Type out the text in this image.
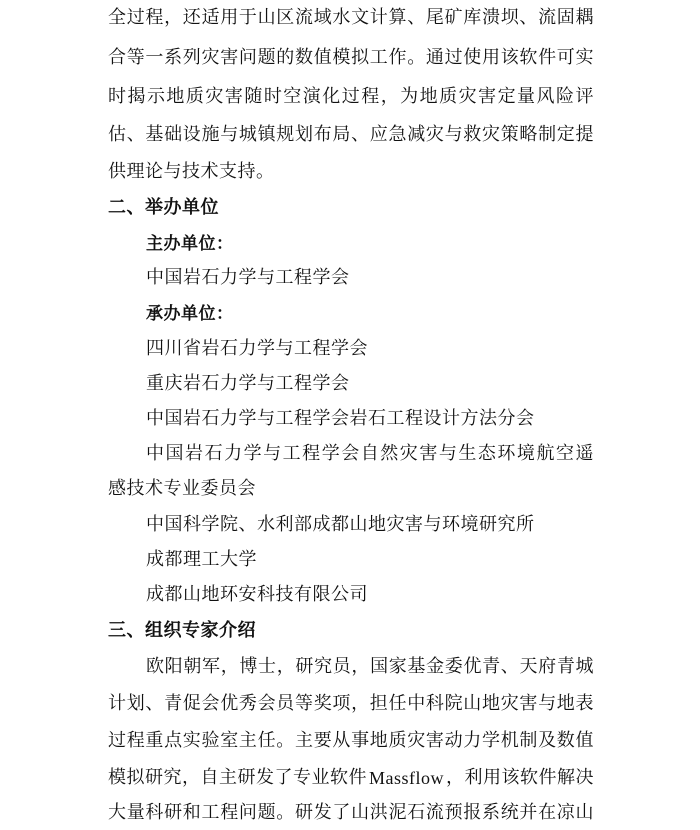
全过程，还适用于山区流域水文计算、尾矿库溃坝、流固耦
合等一系列灾害问题的数值模拟工作。通过使用该软件可实
时揭示地质灾害随时空演化过程，为地质灾害定量风险评
估、基础设施与城镇规划布局、应急减灾与救灾策略制定提
供理论与技术支持。
二、举办单位
主办单位：
中国岩石力学与工程学会
承办单位：
四川省岩石力学与工程学会
重庆岩石力学与工程学会
中国岩石力学与工程学会岩石工程设计方法分会
中国岩石力学与工程学会自然灾害与生态环境航空遥
感技术专业委员会
中国科学院、水利部成都山地灾害与环境研究所
成都理工大学
成都山地环安科技有限公司
三、组织专家介绍
欧阳朝军，博士，研究员，国家基金委优青、天府青城
计划、青促会优秀会员等奖项，担任中科院山地灾害与地表
过程重点实验室主任。主要从事地质灾害动力学机制及数值
模拟研究，自主研发了专业软件 Massflow ，利用该软件解决
大量科研和工程问题。研发了山洪泥石流预报系统并在凉山
